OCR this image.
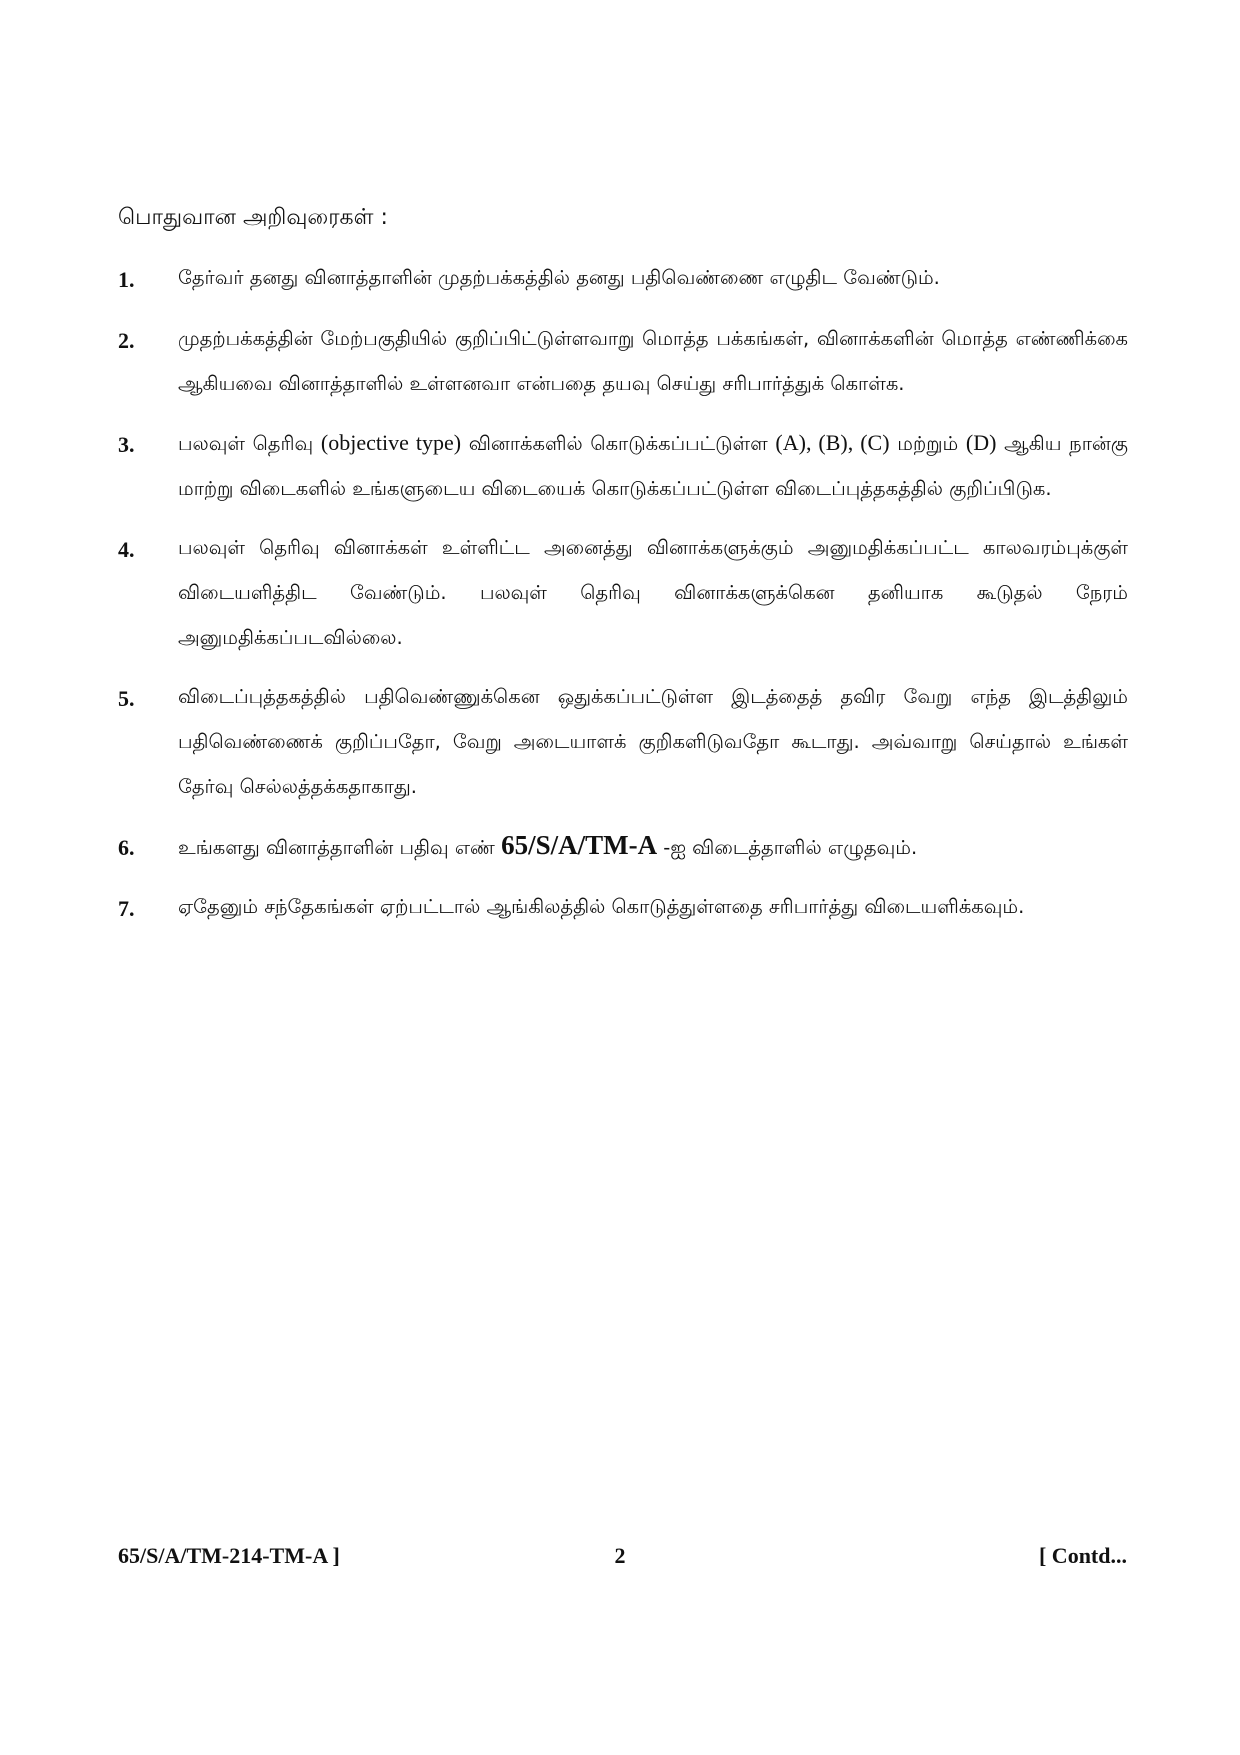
பொதுவான அறிவுரைகள் :
1.	தேர்வர் தனது வினாத்தாளின் முதற்பக்கத்தில் தனது பதிவெண்ணை எழுதிட வேண்டும்.
2.	முதற்பக்கத்தின் மேற்பகுதியில் குறிப்பிட்டுள்ளவாறு மொத்த பக்கங்கள், வினாக்களின் மொத்த எண்ணிக்கை ஆகியவை வினாத்தாளில் உள்ளனவா என்பதை தயவு செய்து சரிபார்த்துக் கொள்க.
3.	பலவுள் தெரிவு (objective type) வினாக்களில் கொடுக்கப்பட்டுள்ள (A), (B), (C) மற்றும் (D) ஆகிய நான்கு மாற்று விடைகளில் உங்களுடைய விடையைக் கொடுக்கப்பட்டுள்ள விடைப்புத்தகத்தில் குறிப்பிடுக.
4.	பலவுள் தெரிவு வினாக்கள் உள்ளிட்ட அனைத்து வினாக்களுக்கும் அனுமதிக்கப்பட்ட காலவரம்புக்குள் விடையளித்திட வேண்டும். பலவுள் தெரிவு வினாக்களுக்கென தனியாக கூடுதல் நேரம் அனுமதிக்கப்படவில்லை.
5.	விடைப்புத்தகத்தில் பதிவெண்ணுக்கென ஒதுக்கப்பட்டுள்ள இடத்தைத் தவிர வேறு எந்த இடத்திலும் பதிவெண்ணைக் குறிப்பதோ, வேறு அடையாளக் குறிகளிடுவதோ கூடாது. அவ்வாறு செய்தால் உங்கள் தேர்வு செல்லத்தக்கதாகாது.
6.	உங்களது வினாத்தாளின் பதிவு எண் 65/S/A/TM-A -ஐ விடைத்தாளில் எழுதவும்.
7.	ஏதேனும் சந்தேகங்கள் ஏற்பட்டால் ஆங்கிலத்தில் கொடுத்துள்ளதை சரிபார்த்து விடையளிக்கவும்.
65/S/A/TM-214-TM-A ]	2	[ Contd...
